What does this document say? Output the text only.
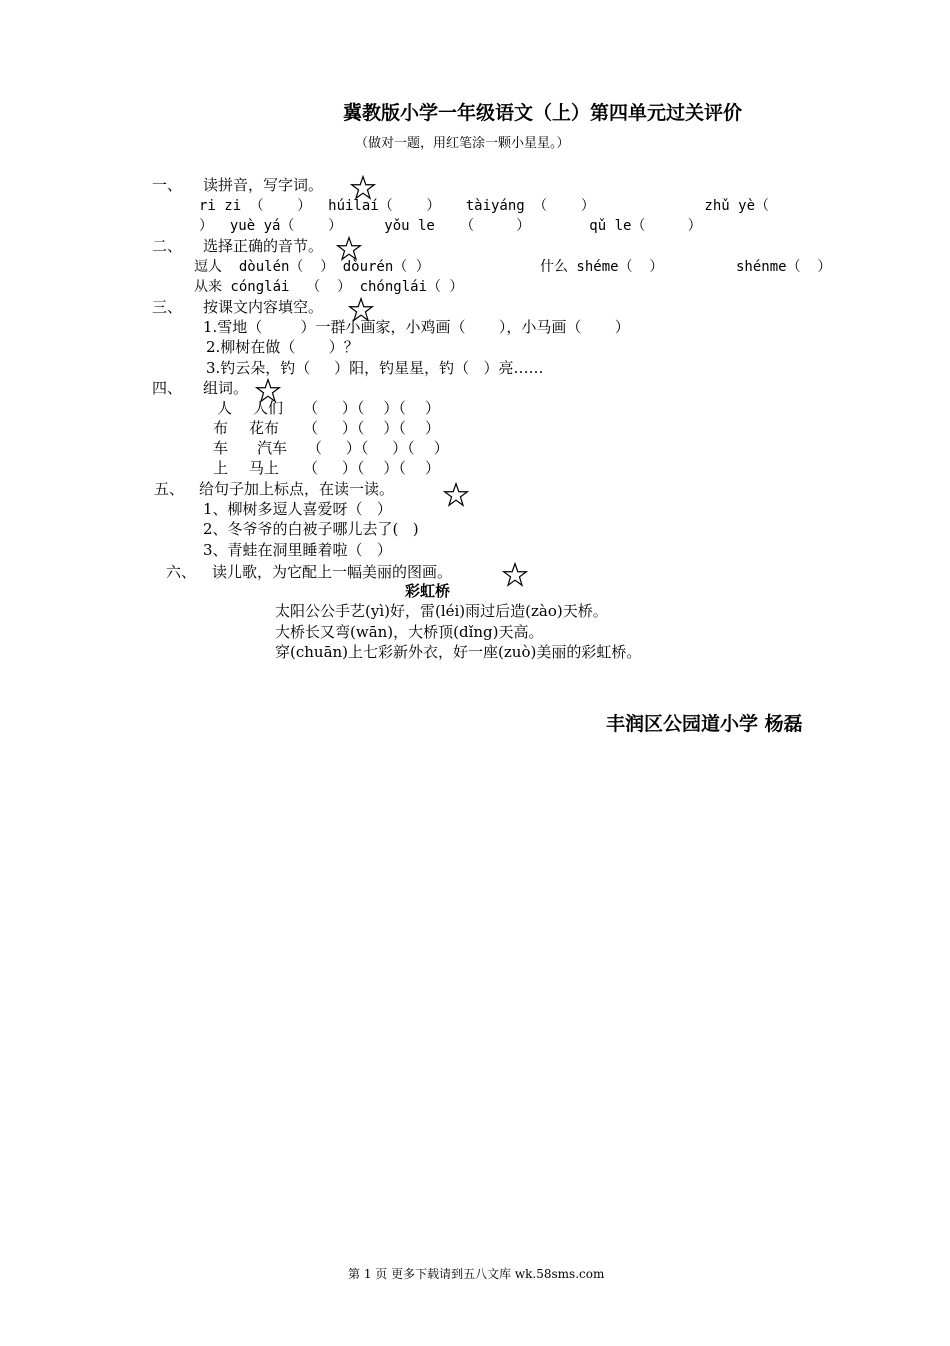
冀教版小学一年级语文（上）第四单元过关评价
（做对一题，用红笔涂一颗小星星。）
一、 读拼音，写字词。
ri zi （    ）  húilaí（    ）   tàiyáng （    ）             zhǔ yè（
）  yuè yá（    ）     yǒu le   （     ）       qǔ le（     ）
二、 选择正确的音节。
逗人  dòulén（  ） dòurén（ ）	什么 shéme（  ）	shénme（  ）
从来 cónglái  （  ） chónglái（ ）
三、 按课文内容填空。
1.雪地（        ）一群小画家，小鸡画（       ），小马画（       ）
2.柳树在做（       ）？
3.钓云朵，钓（     ）阳，钓星星，钓（   ）亮……
四、 组词。
人 人们 （     ）（    ）（    ）
布 花布 （     ）（    ）（    ）
车 汽车 （     ）（     ）（    ）
上 马上 （     ）（    ）（    ）
五、 给句子加上标点，在读一读。
1、柳树多逗人喜爱呀（   ）
2、冬爷爷的白被子哪儿去了(   )
3、青蛙在洞里睡着啦（   ）
六、 读儿歌，为它配上一幅美丽的图画。
彩虹桥
太阳公公手艺(yì)好，雷(léi)雨过后造(zào)天桥。
大桥长又弯(wān)，大桥顶(dǐng)天高。
穿(chuān)上七彩新外衣，好一座(zuò)美丽的彩虹桥。
丰润区公园道小学 杨磊
第 1 页 更多下载请到五八文库 wk.58sms.com
